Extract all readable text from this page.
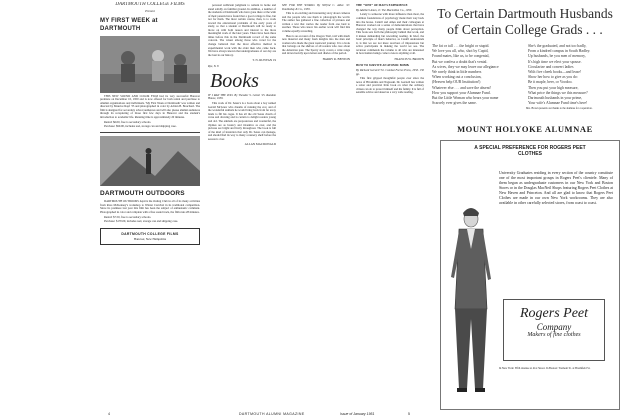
DARTMOUTH COLLEGE FILMS
Present
MY FIRST WEEK at DARTMOUTH

THIS NEW SOUND AND COLOR FILM had its very successful Hanover premiere on December 10, 1950 and is now offered for both rental and purchase to Alumni organizations and individuals. 'My First Week at Dartmouth' was written and directed by Maurice Rapf '35 and photographed in color by Adrian B. Bouchard. The film is designed for secondary school audiences and will also please alumni audiences through its recapturing of those first few days in Hanover and the student's introduction to academic life. Running time is approximately 20 minutes.

Rental: $6.00, free to secondary schools.

Purchase: $90.00, includes reel, storage can and shipping case.

DARTMOUTH OUTDOORS

DARTMOUTH OUTDOORS depicts the Outing Club in all of its many activities from Ross McKenney's workshop to Winter Carnival in its traditional competition. Since its premiere last year this film has been the subject of enthusiastic comment. Photographed in color and complete with a fine sound track, the film runs 28 minutes.

Rental: $7.50, free to secondary schools.

Purchase: $170.00, includes reel, storage can and shipping case.

DARTMOUTH COLLEGE FILMS
Hanover, New Hampshire

personal sufficient judgment to remain in home and stand solidly on familiar ground. In addition, a number of the students at Dartmouth who have gone there at the wish of their parents have found that a good college is fine, but not for them. The most certain course, then, is to work toward the educational problems of the early years of study, so that a student at Dartmouth will be ready to move on with both reason and interest to the more meaningful work of the later years. There have been three times before this in the Dartmouth record of the same concern. The wisest among those who voted for the change believed that the most effective method is experimental work with the older men who came back. We have always known that undergraduates of our day are the best in our history.

T. N. RUNYAN 19
Rye, N. Y.
Books

IF I RAN THE ZOO. By Theodor S. Geisel '25. Random House, 1950.

This work of Dr. Seuss's is a book about a boy named Gerald McGrew who dreams of running the zoo; and of the wonderful animals he would bring back from far away lands to fill his cages. It has all the old Seuss charm of verse and drawing and is certain to delight readers young and old. The animals are preposterous and wonderful, the rhymes are as bouncy and inventive as ever, and the pictures are bright and lively throughout. The book is full of the kind of invention that only Dr. Seuss can manage, and should find its way to many a nursery shelf before the season is over.

ALLAN MACDONALD

SEE FOR THE WORLD. By Wilfrid C. Albee '47. Doubleday & Co., 1950.

This is an exciting and interesting story about cameras and the people who use them to photograph the world. The author has gathered a fine collection of pictures and written a text that carries the reader from one land to another. Those who know his earlier work will find this volume equally rewarding.

Here is an account of the Oregon Trail, told with much new material and many fresh insights into the men and women who made the great westward journey. It is a book that belongs on the shelves of all readers who care about the American past. The Sperry story covers a wide range and draws heavily upon letters and diaries of the period.

HARRY R. BENTON

THE "WHY" OF MAN'S EXPERIENCE

By Adelbert Ames, Jr. The Macmillan Co., 1950.

Lately to someone with more influence than most, the common foundations of psychology made their way back into the house. Cantril and Ames and their colleagues at Hanover worked out a series of demonstrations that have changed the way many people think about perception. This book sets forth the philosophy behind that work, and it makes demanding but rewarding reading. In brief, the basic principle of man's behavior, as Cantril understands it, is that we are not mere receivers of impressions but active participants in making the world we see. The reviewer commends the volume to all who are interested in how human beings come to know anything at all.

FRANCIS W. BROWN

HOW TO SURVIVE AN ATOMIC BOMB.

By Richard Gerstell '32. Combat Forces Press, 1950. 150 pp.

This first gripped thoughtful people ever since the news of Hiroshima and Nagasaki. Dr. Gerstell has written a sober and practical little book on what the ordinary citizen can do to protect himself and his family. It is full of sensible advice and deserves a very wide reading.

To Certain Dartmouth Husbands of Certain College Grads . . .
The fat or tall . . . the bright or stupid.
We love you all, who, shot by Cupid,
Found mates, like us, to be congenial,
But we confess a doubt that's venial.
As wives, they we may leave our allegiance
We rarely think in little numbers
When working out a conclusion,
(Heaven help OUR Institution!)
Whatever else . . . and save the absent!
How you support your Alumnae Fund.
But the Little Woman who bears your name
Scarcely ever gives the same.
She's the graduated, and not too badly,
From a kindred campus in South Hadley.
Up husbands, be you men of memory,
It's high time we elect your spouse.
Circularize and convert ladies
With five cheek books—and lease!
Show her how to give as you do:
Be it maple, beer, or Voodoo.
Then you put your high measure,
What price the things we this measure?
Dartmouth husbands in your prime,
Your wife's Alumnae Fund time's here!
Mrs. Brown presents our thanks to the alumnae for cooperation.
MOUNT HOLYOKE ALUMNAE
A SPECIAL PREFERENCE FOR ROGERS PEET CLOTHES
University Graduates residing in every section of the country constitute one of the most important groups in Rogers Peet's clientele. Many of them began as undergraduate customers in our New York and Boston Stores or in the Douglas MacNeil Shops featuring Rogers Peet Clothes at New Haven and Princeton. And all are glad to know that Rogers Peet Clothes are made in our own New York workrooms. They are also available in other carefully selected stores, from coast to coast.
Rogers Peet
Company
Makers of fine clothes
In New York: Fifth Avenue at 41st Street. In Boston: Tremont St. at Bromfield St.
4	DARTMOUTH ALUMNI MAGAZINE	Issue of January 1951	5
